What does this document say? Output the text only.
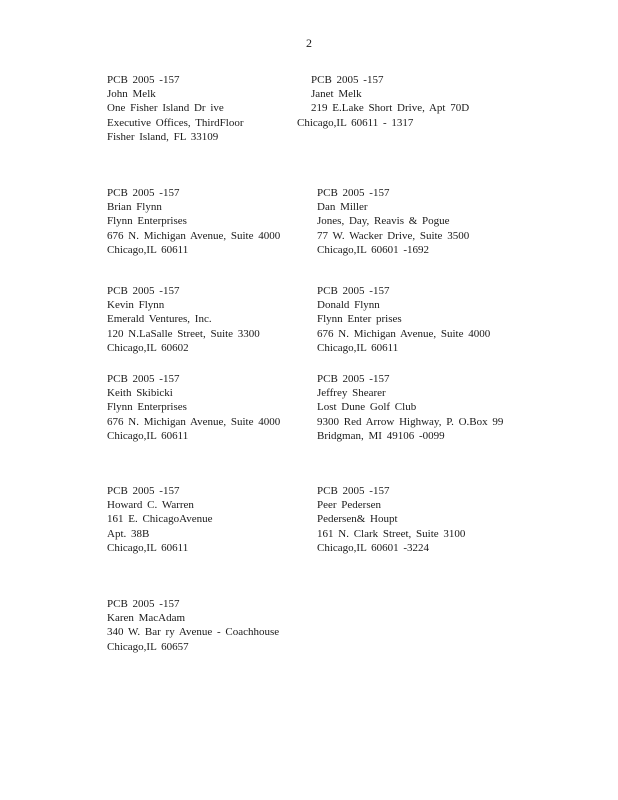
2
PCB 2005 -157
John Melk
One Fisher Island Dr ive
Executive Offices, ThirdFloor
Fisher Island, FL 33109
PCB 2005 -157
Janet Melk
219 E.Lake Short Drive, Apt 70D
Chicago,IL 60611 - 1317
PCB 2005 -157
Brian Flynn
Flynn Enterprises
676 N. Michigan Avenue, Suite 4000
Chicago,IL 60611
PCB 2005 -157
Dan Miller
Jones, Day, Reavis & Pogue
77 W. Wacker Drive, Suite 3500
Chicago,IL 60601 -1692
PCB 2005 -157
Kevin Flynn
Emerald Ventures, Inc.
120 N.LaSalle Street, Suite 3300
Chicago,IL 60602
PCB 2005 -157
Donald Flynn
Flynn Enter prises
676 N. Michigan Avenue, Suite 4000
Chicago,IL 60611
PCB 2005 -157
Keith Skibicki
Flynn Enterprises
676 N. Michigan Avenue, Suite 4000
Chicago,IL 60611
PCB 2005 -157
Jeffrey Shearer
Lost Dune Golf Club
9300 Red Arrow Highway, P. O.Box 99
Bridgman, MI 49106 -0099
PCB 2005 -157
Howard C. Warren
161 E. ChicagoAvenue
Apt. 38B
Chicago,IL 60611
PCB 2005 -157
Peer Pedersen
Pedersen& Houpt
161 N. Clark Street, Suite 3100
Chicago,IL 60601 -3224
PCB 2005 -157
Karen MacAdam
340 W. Bar ry Avenue - Coachhouse
Chicago,IL 60657
